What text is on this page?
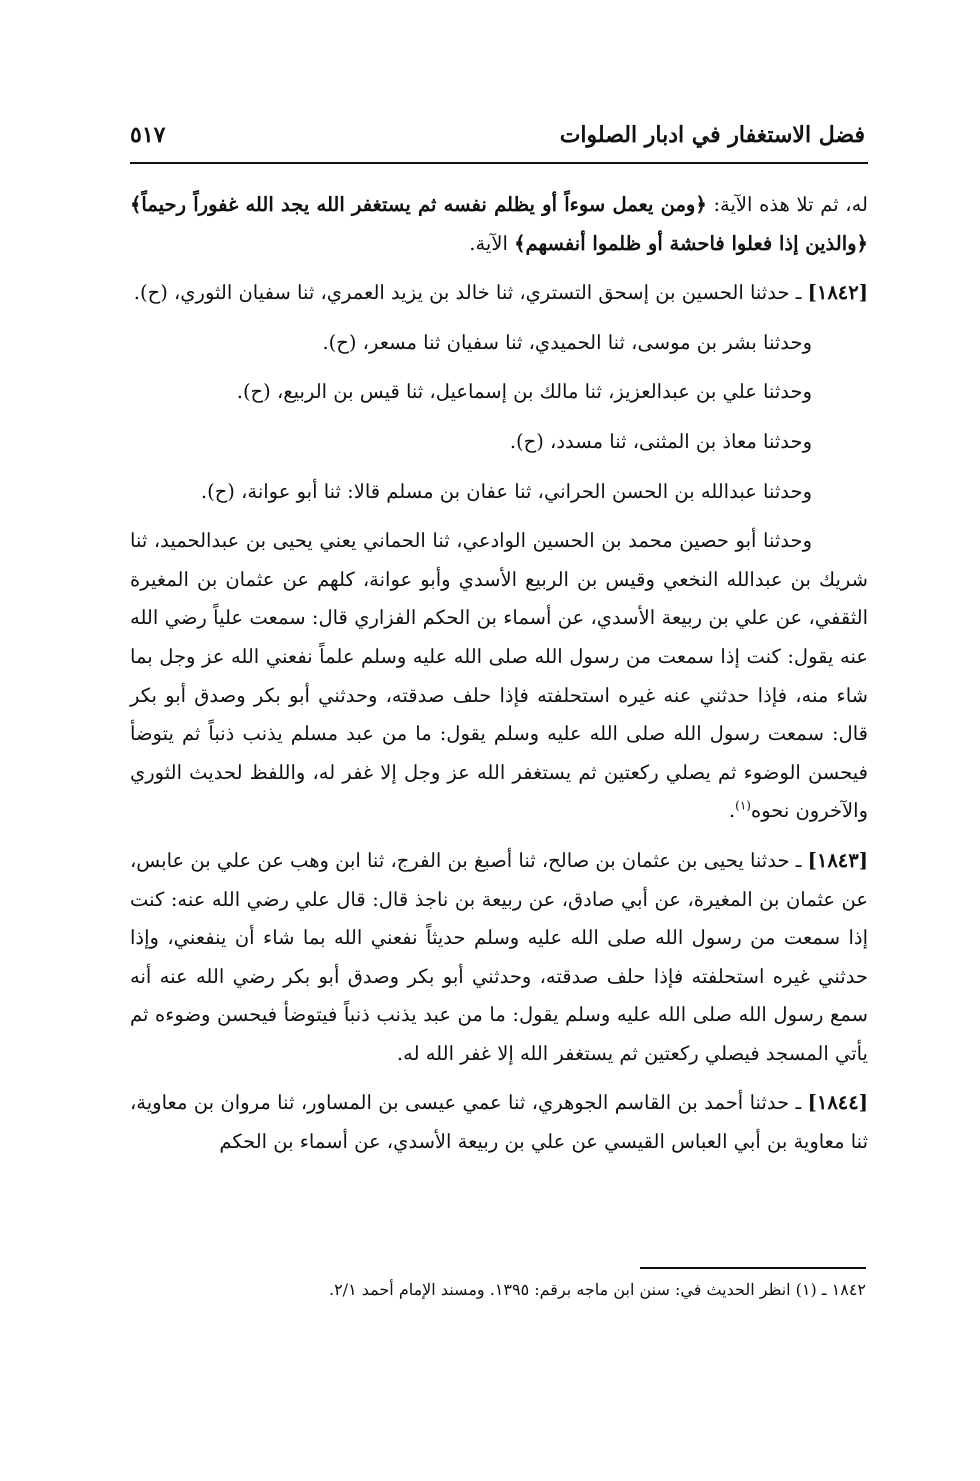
فضل الاستغفار في ادبار الصلوات
٥١٧

له، ثم تلا هذه الآية: ﴿ومن يعمل سوءاً أو يظلم نفسه ثم يستغفر الله يجد الله غفوراً رحيماً﴾ ﴿والذين إذا فعلوا فاحشة أو ظلموا أنفسهم﴾ الآية.

[١٨٤٢] ـ حدثنا الحسين بن إسحق التستري، ثنا خالد بن يزيد العمري، ثنا سفيان الثوري، (ح).

وحدثنا بشر بن موسى، ثنا الحميدي، ثنا سفيان ثنا مسعر، (ح).

وحدثنا علي بن عبدالعزيز، ثنا مالك بن إسماعيل، ثنا قيس بن الربيع، (ح).

وحدثنا معاذ بن المثنى، ثنا مسدد، (ح).

وحدثنا عبدالله بن الحسن الحراني، ثنا عفان بن مسلم قالا: ثنا أبو عوانة، (ح).

وحدثنا أبو حصين محمد بن الحسين الوادعي، ثنا الحماني يعني يحيى بن عبدالحميد، ثنا شريك بن عبدالله النخعي وقيس بن الربيع الأسدي وأبو عوانة، كلهم عن عثمان بن المغيرة الثقفي، عن علي بن ربيعة الأسدي، عن أسماء بن الحكم الفزاري قال: سمعت علياً رضي الله عنه يقول: كنت إذا سمعت من رسول الله صلى الله عليه وسلم علماً نفعني الله عز وجل بما شاء منه، فإذا حدثني عنه غيره استحلفته فإذا حلف صدقته، وحدثني أبو بكر وصدق أبو بكر قال: سمعت رسول الله صلى الله عليه وسلم يقول: ما من عبد مسلم يذنب ذنباً ثم يتوضأ فيحسن الوضوء ثم يصلي ركعتين ثم يستغفر الله عز وجل إلا غفر له، واللفظ لحديث الثوري والآخرون نحوه$^{(١)}$.

[١٨٤٣] ـ حدثنا يحيى بن عثمان بن صالح، ثنا أصبغ بن الفرج، ثنا ابن وهب عن علي بن عابس، عن عثمان بن المغيرة، عن أبي صادق، عن ربيعة بن ناجذ قال: قال علي رضي الله عنه: كنت إذا سمعت من رسول الله صلى الله عليه وسلم حديثاً نفعني الله بما شاء أن ينفعني، وإذا حدثني غيره استحلفته فإذا حلف صدقته، وحدثني أبو بكر وصدق أبو بكر رضي الله عنه أنه سمع رسول الله صلى الله عليه وسلم يقول: ما من عبد يذنب ذنباً فيتوضأ فيحسن وضوءه ثم يأتي المسجد فيصلي ركعتين ثم يستغفر الله إلا غفر الله له.

[١٨٤٤] ـ حدثنا أحمد بن القاسم الجوهري، ثنا عمي عيسى بن المساور، ثنا مروان بن معاوية، ثنا معاوية بن أبي العباس القيسي عن علي بن ربيعة الأسدي، عن أسماء بن الحكم

١٨٤٢ ـ (١) انظر الحديث في: سنن ابن ماجه برقم: ١٣٩٥. ومسند الإمام أحمد ٢/١.
